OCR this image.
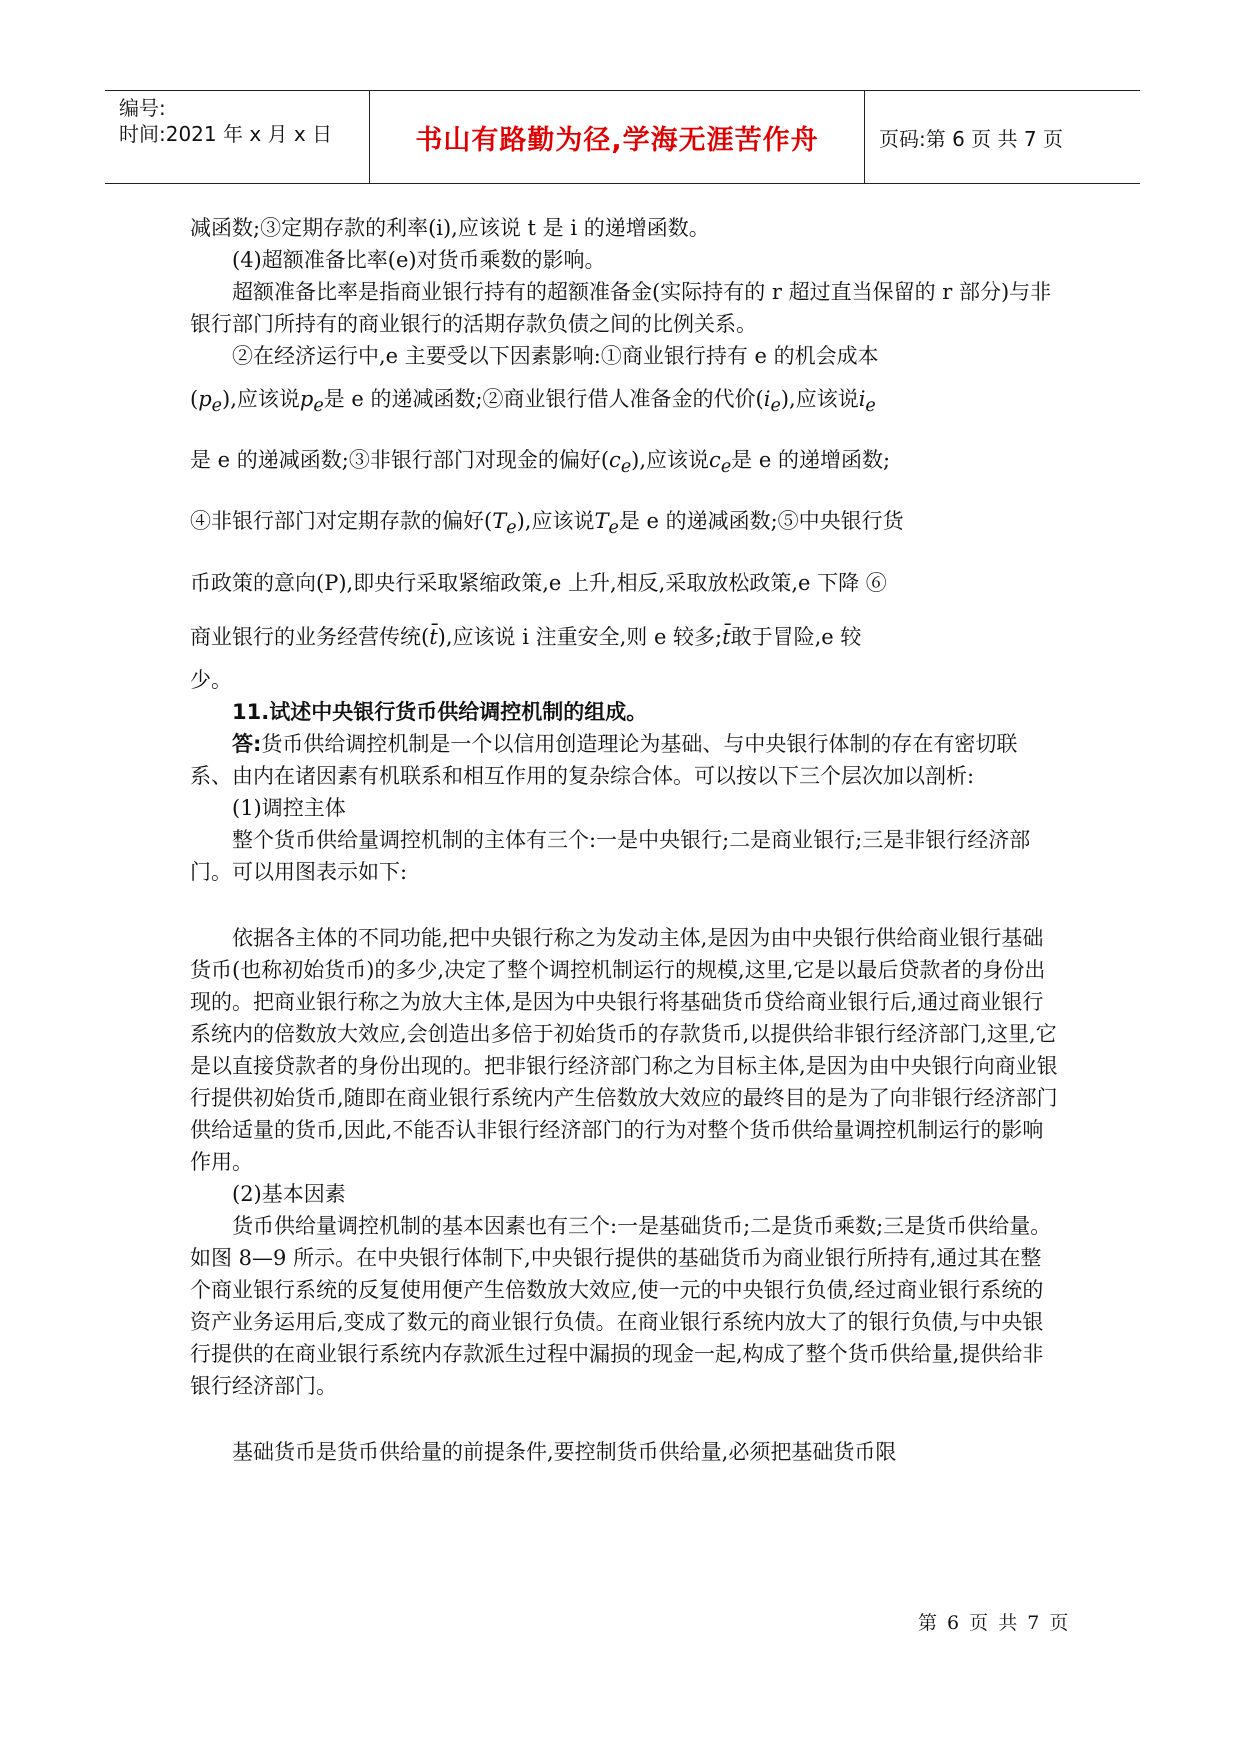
编号:
时间:2021 年 x 月 x 日	书山有路勤为径,学海无涯苦作舟	页码:第 6 页 共 7 页

减函数;③定期存款的利率(i),应该说 t 是 i 的递增函数。

(4)超额准备比率(e)对货币乘数的影响。

超额准备比率是指商业银行持有的超额准备金(实际持有的 r 超过直当保留的 r 部分)与非银行部门所持有的商业银行的活期存款负债之间的比例关系。

②在经济运行中,e 主要受以下因素影响:①商业银行持有 e 的机会成本

$(p_e)$,应该说$p_e$是 e 的递减函数;②商业银行借人准备金的代价$(i_e)$,应该说$i_e$

是 e 的递减函数;③非银行部门对现金的偏好$(c_e)$,应该说$c_e$是 e 的递增函数;

④非银行部门对定期存款的偏好$(T_e)$,应该说$T_e$是 e 的递减函数;⑤中央银行货

币政策的意向(P),即央行采取紧缩政策,e 上升,相反,采取放松政策,e 下降 ⑥

商业银行的业务经营传统(t̄),应该说 i 注重安全,则 e 较多;t̄敢于冒险,e 较

少。

11.试述中央银行货币供给调控机制的组成。

答:货币供给调控机制是一个以信用创造理论为基础、与中央银行体制的存在有密切联系、由内在诸因素有机联系和相互作用的复杂综合体。可以按以下三个层次加以剖析:

(1)调控主体

整个货币供给量调控机制的主体有三个:一是中央银行;二是商业银行;三是非银行经济部门。可以用图表示如下:

依据各主体的不同功能,把中央银行称之为发动主体,是因为由中央银行供给商业银行基础货币(也称初始货币)的多少,决定了整个调控机制运行的规模,这里,它是以最后贷款者的身份出现的。把商业银行称之为放大主体,是因为中央银行将基础货币贷给商业银行后,通过商业银行系统内的倍数放大效应,会创造出多倍于初始货币的存款货币,以提供给非银行经济部门,这里,它是以直接贷款者的身份出现的。把非银行经济部门称之为目标主体,是因为由中央银行向商业银行提供初始货币,随即在商业银行系统内产生倍数放大效应的最终目的是为了向非银行经济部门供给适量的货币,因此,不能否认非银行经济部门的行为对整个货币供给量调控机制运行的影响作用。

(2)基本因素

货币供给量调控机制的基本因素也有三个:一是基础货币;二是货币乘数;三是货币供给量。如图 8—9 所示。在中央银行体制下,中央银行提供的基础货币为商业银行所持有,通过其在整个商业银行系统的反复使用便产生倍数放大效应,使一元的中央银行负债,经过商业银行系统的资产业务运用后,变成了数元的商业银行负债。在商业银行系统内放大了的银行负债,与中央银行提供的在商业银行系统内存款派生过程中漏损的现金一起,构成了整个货币供给量,提供给非银行经济部门。

基础货币是货币供给量的前提条件,要控制货币供给量,必须把基础货币限

第 6 页 共 7 页
